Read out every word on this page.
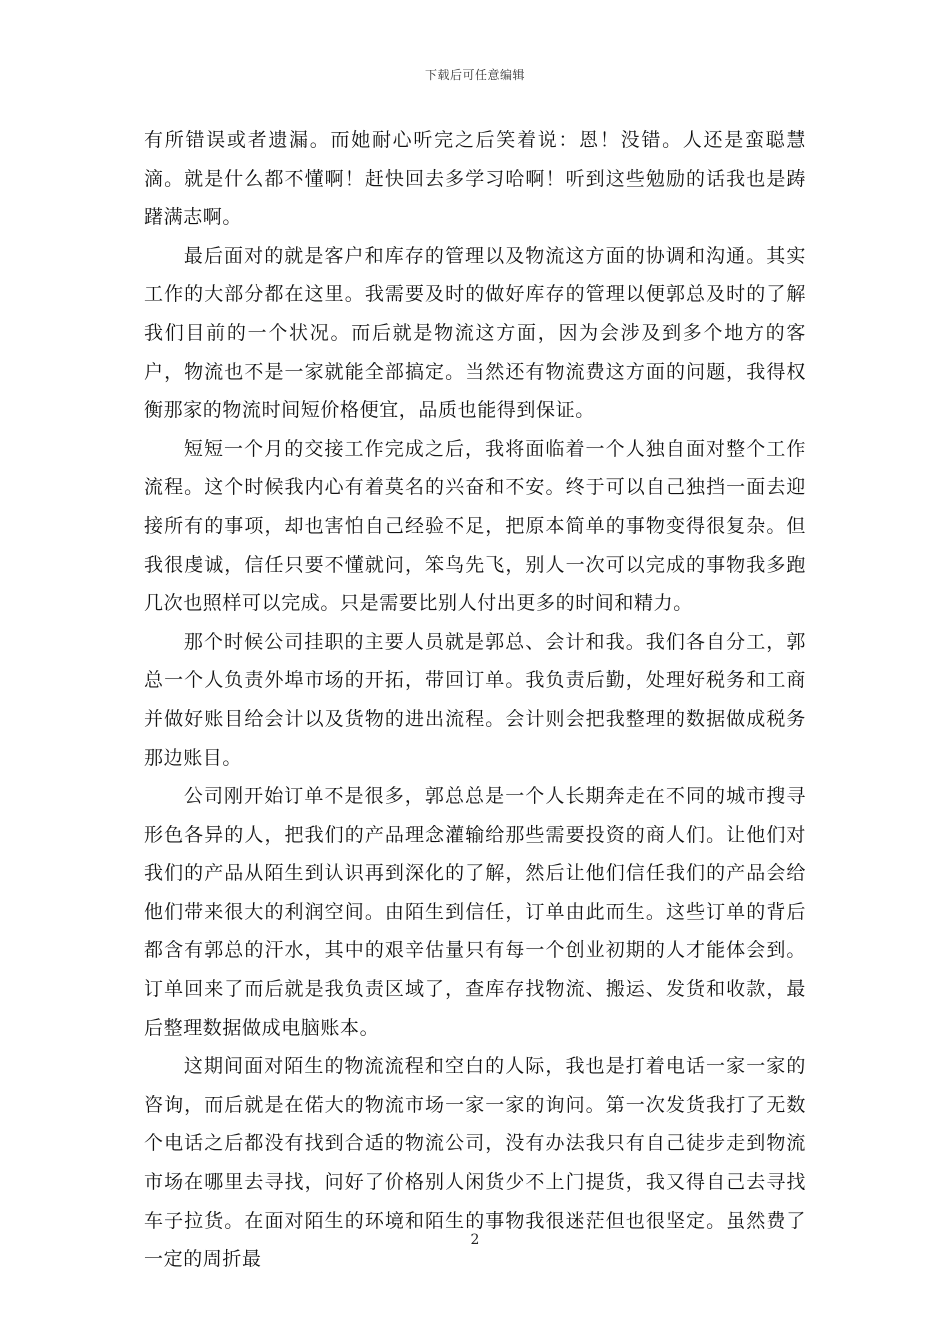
下载后可任意编辑

有所错误或者遗漏。而她耐心听完之后笑着说：恩！没错。人还是蛮聪慧滴。就是什么都不懂啊！赶快回去多学习哈啊！听到这些勉励的话我也是踌躇满志啊。

最后面对的就是客户和库存的管理以及物流这方面的协调和沟通。其实工作的大部分都在这里。我需要及时的做好库存的管理以便郭总及时的了解我们目前的一个状况。而后就是物流这方面，因为会涉及到多个地方的客户，物流也不是一家就能全部搞定。当然还有物流费这方面的问题，我得权衡那家的物流时间短价格便宜，品质也能得到保证。

短短一个月的交接工作完成之后，我将面临着一个人独自面对整个工作流程。这个时候我内心有着莫名的兴奋和不安。终于可以自己独挡一面去迎接所有的事项，却也害怕自己经验不足，把原本简单的事物变得很复杂。但我很虔诚，信任只要不懂就问，笨鸟先飞，别人一次可以完成的事物我多跑几次也照样可以完成。只是需要比别人付出更多的时间和精力。

那个时候公司挂职的主要人员就是郭总、会计和我。我们各自分工，郭总一个人负责外埠市场的开拓，带回订单。我负责后勤，处理好税务和工商并做好账目给会计以及货物的进出流程。会计则会把我整理的数据做成税务那边账目。

公司刚开始订单不是很多，郭总总是一个人长期奔走在不同的城市搜寻形色各异的人，把我们的产品理念灌输给那些需要投资的商人们。让他们对我们的产品从陌生到认识再到深化的了解，然后让他们信任我们的产品会给他们带来很大的利润空间。由陌生到信任，订单由此而生。这些订单的背后都含有郭总的汗水，其中的艰辛估量只有每一个创业初期的人才能体会到。订单回来了而后就是我负责区域了，查库存找物流、搬运、发货和收款，最后整理数据做成电脑账本。

这期间面对陌生的物流流程和空白的人际，我也是打着电话一家一家的咨询，而后就是在偌大的物流市场一家一家的询问。第一次发货我打了无数个电话之后都没有找到合适的物流公司，没有办法我只有自己徒步走到物流市场在哪里去寻找，问好了价格别人闲货少不上门提货，我又得自己去寻找车子拉货。在面对陌生的环境和陌生的事物我很迷茫但也很坚定。虽然费了一定的周折最

2
